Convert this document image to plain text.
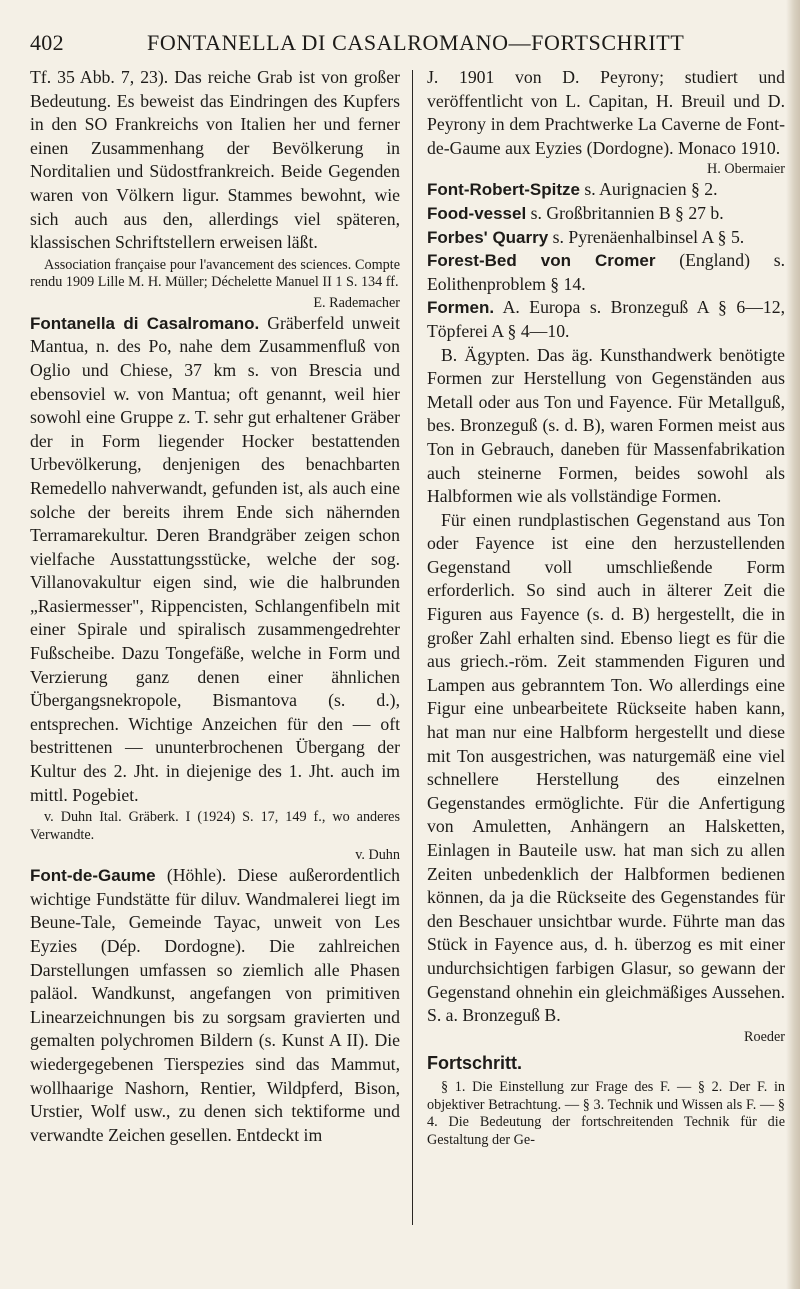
402	FONTANELLA DI CASALROMANO—FORTSCHRITT

Tf. 35 Abb. 7, 23). Das reiche Grab ist von großer Bedeutung. Es beweist das Eindringen des Kupfers in den SO Frankreichs von Italien her und ferner einen Zusammenhang der Bevölkerung in Norditalien und Südostfrankreich. Beide Gegenden waren von Völkern ligur. Stammes bewohnt, wie sich auch aus den, allerdings viel späteren, klassischen Schriftstellern erweisen läßt.

Association française pour l'avancement des sciences. Compte rendu 1909 Lille M. H. Müller; Déchelette Manuel II 1 S. 134 ff.

E. Rademacher

Fontanella di Casalromano. Gräberfeld unweit Mantua, n. des Po, nahe dem Zusammenfluß von Oglio und Chiese, 37 km s. von Brescia und ebensoviel w. von Mantua; oft genannt, weil hier sowohl eine Gruppe z. T. sehr gut erhaltener Gräber der in Form liegender Hocker bestattenden Urbevölkerung, denjenigen des benachbarten Remedello nahverwandt, gefunden ist, als auch eine solche der bereits ihrem Ende sich nähernden Terramarekultur. Deren Brandgräber zeigen schon vielfache Ausstattungsstücke, welche der sog. Villanovakultur eigen sind, wie die halbrunden „Rasiermesser", Rippencisten, Schlangenfibeln mit einer Spirale und spiralisch zusammengedrehter Fußscheibe. Dazu Tongefäße, welche in Form und Verzierung ganz denen einer ähnlichen Übergangsnekropole, Bismantova (s. d.), entsprechen. Wichtige Anzeichen für den — oft bestrittenen — ununterbrochenen Übergang der Kultur des 2. Jht. in diejenige des 1. Jht. auch im mittl. Pogebiet.

v. Duhn Ital. Gräberk. I (1924) S. 17, 149 f., wo anderes Verwandte.

v. Duhn

Font-de-Gaume (Höhle). Diese außerordentlich wichtige Fundstätte für diluv. Wandmalerei liegt im Beune-Tale, Gemeinde Tayac, unweit von Les Eyzies (Dép. Dordogne). Die zahlreichen Darstellungen umfassen so ziemlich alle Phasen paläol. Wandkunst, angefangen von primitiven Linearzeichnungen bis zu sorgsam gravierten und gemalten polychromen Bildern (s. Kunst A II). Die wiedergegebenen Tierspezies sind das Mammut, wollhaarige Nashorn, Rentier, Wildpferd, Bison, Urstier, Wolf usw., zu denen sich tektiforme und verwandte Zeichen gesellen. Entdeckt im

J. 1901 von D. Peyrony; studiert und veröffentlicht von L. Capitan, H. Breuil und D. Peyrony in dem Prachtwerke La Caverne de Font-de-Gaume aux Eyzies (Dordogne). Monaco 1910.

H. Obermaier

Font-Robert-Spitze s. Aurignacien § 2.

Food-vessel s. Großbritannien B § 27 b.

Forbes' Quarry s. Pyrenäenhalbinsel A § 5.

Forest-Bed von Cromer (England) s. Eolithenproblem § 14.

Formen. A. Europa s. Bronzeguß A § 6—12, Töpferei A § 4—10.

B. Ägypten. Das äg. Kunsthandwerk benötigte Formen zur Herstellung von Gegenständen aus Metall oder aus Ton und Fayence. Für Metallguß, bes. Bronzeguß (s. d. B), waren Formen meist aus Ton in Gebrauch, daneben für Massenfabrikation auch steinerne Formen, beides sowohl als Halbformen wie als vollständige Formen.

Für einen rundplastischen Gegenstand aus Ton oder Fayence ist eine den herzustellenden Gegenstand voll umschließende Form erforderlich. So sind auch in älterer Zeit die Figuren aus Fayence (s. d. B) hergestellt, die in großer Zahl erhalten sind. Ebenso liegt es für die aus griech.-röm. Zeit stammenden Figuren und Lampen aus gebranntem Ton. Wo allerdings eine Figur eine unbearbeitete Rückseite haben kann, hat man nur eine Halbform hergestellt und diese mit Ton ausgestrichen, was naturgemäß eine viel schnellere Herstellung des einzelnen Gegenstandes ermöglichte. Für die Anfertigung von Amuletten, Anhängern an Halsketten, Einlagen in Bauteile usw. hat man sich zu allen Zeiten unbedenklich der Halbformen bedienen können, da ja die Rückseite des Gegenstandes für den Beschauer unsichtbar wurde. Führte man das Stück in Fayence aus, d. h. überzog es mit einer undurchsichtigen farbigen Glasur, so gewann der Gegenstand ohnehin ein gleichmäßiges Aussehen. S. a. Bronzeguß B.

Roeder

Fortschritt.

§ 1. Die Einstellung zur Frage des F. — § 2. Der F. in objektiver Betrachtung. — § 3. Technik und Wissen als F. — § 4. Die Bedeutung der fortschreitenden Technik für die Gestaltung der Ge-
